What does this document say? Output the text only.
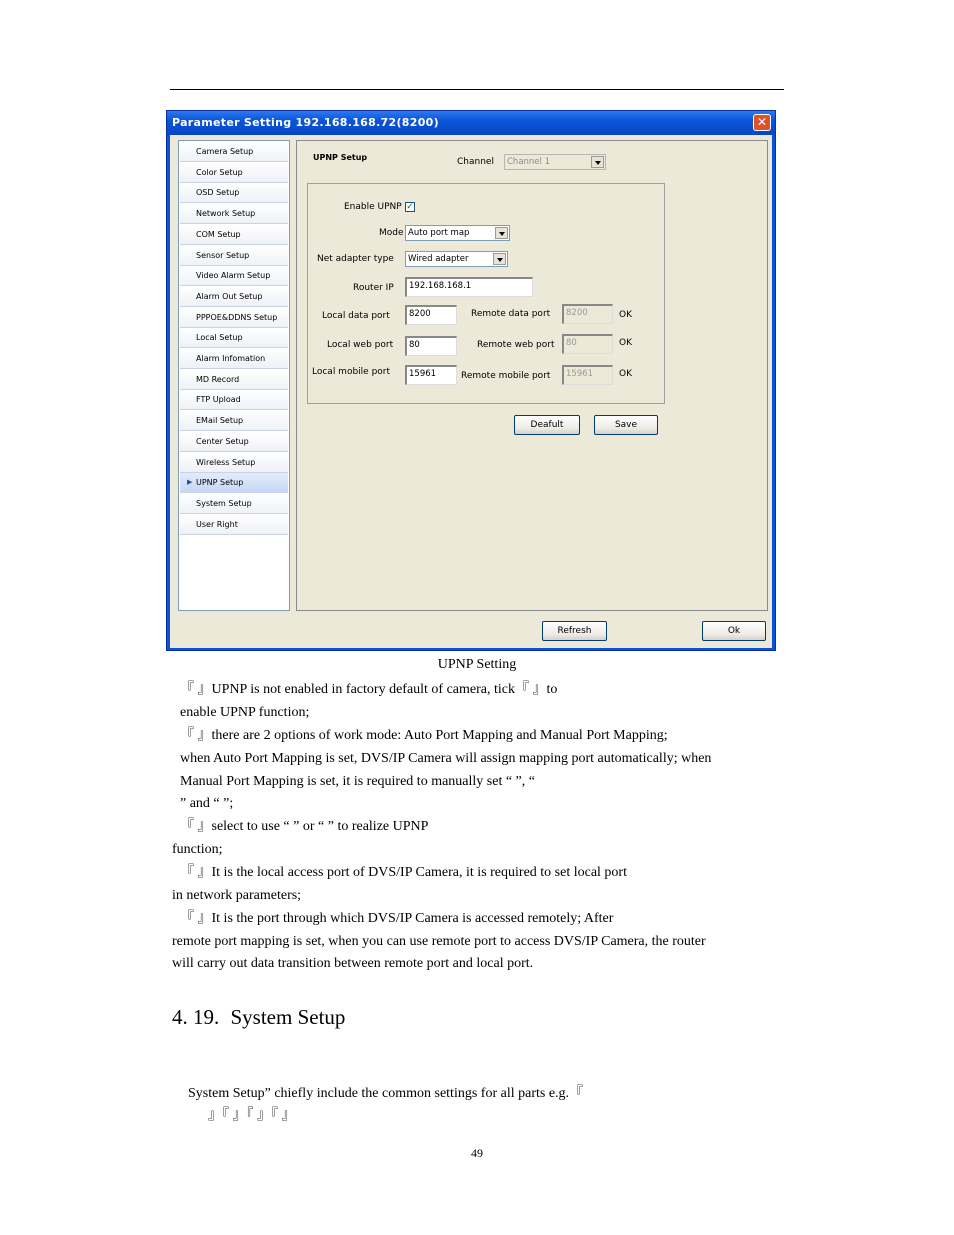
Parameter Setting 192.168.168.72(8200)	✕
Camera Setup
Color Setup
OSD Setup
Network Setup
COM Setup
Sensor Setup
Video Alarm Setup
Alarm Out Setup
PPPOE&DDNS Setup
Local Setup
Alarm Infomation
MD Record
FTP Upload
EMail Setup
Center Setup
Wireless Setup
▶ UPNP Setup
System Setup
User Right
UPNP Setup	Channel Channel 1
Enable UPNP ✓
Mode Auto port map
Net adapter type Wired adapter
Router IP 192.168.168.1
Local data port 8200	Remote data port 8200	OK
Local web port 80	Remote web port 80	OK
Local mobile port 15961	Remote mobile port 15961	OK
Deafult	Save
Refresh	Ok
UPNP Setting
『 』UPNP is not enabled in factory default of camera, tick『 』to
enable UPNP function;
『 』there are 2 options of work mode: Auto Port Mapping and Manual Port Mapping;
when Auto Port Mapping is set, DVS/IP Camera will assign mapping port automatically; when
Manual Port Mapping is set, it is required to manually set “ ”, “
” and “ ”;
『 』select to use “ ” or “ ” to realize UPNP
function;
『 』It is the local access port of DVS/IP Camera, it is required to set local port
in network parameters;
『 』It is the port through which DVS/IP Camera is accessed remotely; After
remote port mapping is set, when you can use remote port to access DVS/IP Camera, the router
will carry out data transition between remote port and local port.
4. 19. System Setup
System Setup” chiefly include the common settings for all parts e.g.『
』『 』『 』『 』
49
